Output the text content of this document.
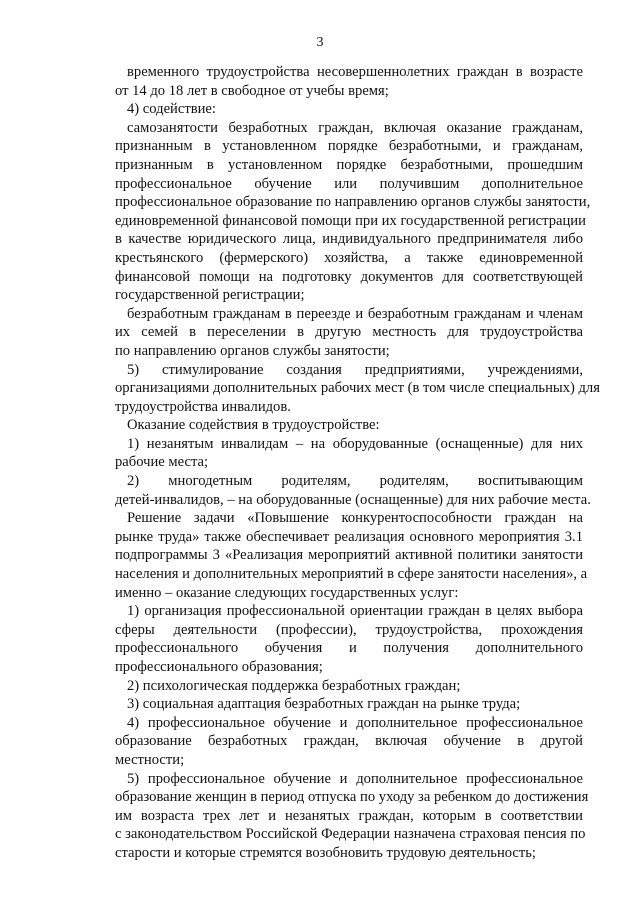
3
временного трудоустройства несовершеннолетних граждан в возрасте
от 14 до 18 лет в свободное от учебы время;
4) содействие:
самозанятости безработных граждан, включая оказание гражданам,
признанным в установленном порядке безработными, и гражданам,
признанным в установленном порядке безработными, прошедшим
профессиональное обучение или получившим дополнительное
профессиональное образование по направлению органов службы занятости,
единовременной финансовой помощи при их государственной регистрации
в качестве юридического лица, индивидуального предпринимателя либо
крестьянского (фермерского) хозяйства, а также единовременной
финансовой помощи на подготовку документов для соответствующей
государственной регистрации;
безработным гражданам в переезде и безработным гражданам и членам
их семей в переселении в другую местность для трудоустройства
по направлению органов службы занятости;
5) стимулирование создания предприятиями, учреждениями,
организациями дополнительных рабочих мест (в том числе специальных) для
трудоустройства инвалидов.
Оказание содействия в трудоустройстве:
1) незанятым инвалидам – на оборудованные (оснащенные) для них
рабочие места;
2) многодетным родителям, родителям, воспитывающим
детей-инвалидов, – на оборудованные (оснащенные) для них рабочие места.
Решение задачи «Повышение конкурентоспособности граждан на
рынке труда» также обеспечивает реализация основного мероприятия 3.1
подпрограммы 3 «Реализация мероприятий активной политики занятости
населения и дополнительных мероприятий в сфере занятости населения», а
именно – оказание следующих государственных услуг:
1) организация профессиональной ориентации граждан в целях выбора
сферы деятельности (профессии), трудоустройства, прохождения
профессионального обучения и получения дополнительного
профессионального образования;
2) психологическая поддержка безработных граждан;
3) социальная адаптация безработных граждан на рынке труда;
4) профессиональное обучение и дополнительное профессиональное
образование безработных граждан, включая обучение в другой
местности;
5) профессиональное обучение и дополнительное профессиональное
образование женщин в период отпуска по уходу за ребенком до достижения
им возраста трех лет и незанятых граждан, которым в соответствии
с законодательством Российской Федерации назначена страховая пенсия по
старости и которые стремятся возобновить трудовую деятельность;
